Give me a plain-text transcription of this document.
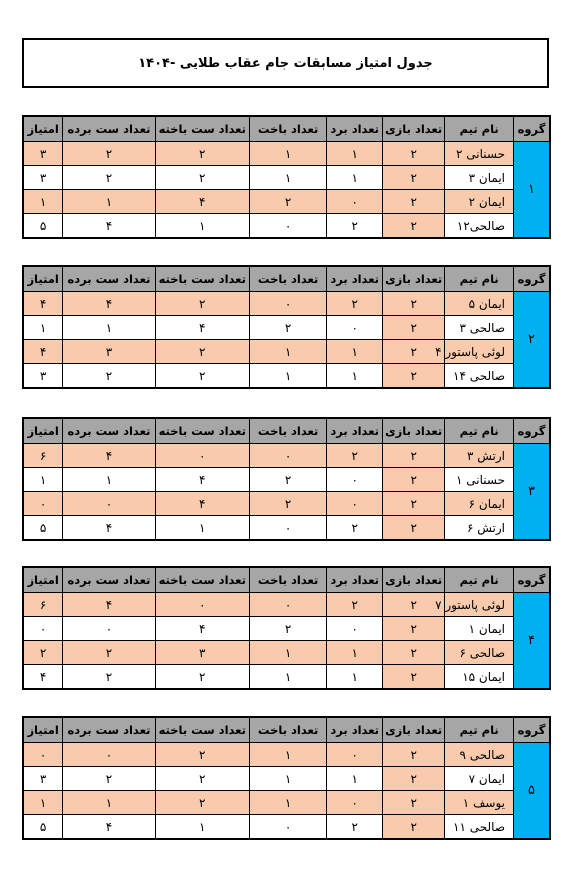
جدول امتیاز مسابقات جام عقاب طلایی -۱۴۰۴
گروه	نام تیم	تعداد بازی	تعداد برد	تعداد باخت	تعداد ست باخته	تعداد ست برده	امتیاز
۱	حسنانی ۲	۲	۱	۱	۲	۲	۳
	ایمان ۳	۲	۱	۱	۲	۲	۳
	ایمان ۲	۲	۰	۲	۴	۱	۱
	صالحی۱۲	۲	۲	۰	۱	۴	۵
گروه	نام تیم	تعداد بازی	تعداد برد	تعداد باخت	تعداد ست باخته	تعداد ست برده	امتیاز
۲	ایمان ۵	۲	۲	۰	۲	۴	۴
	صالحی ۳	۲	۰	۲	۴	۱	۱
	لوئی پاستور ۴	۲	۱	۱	۲	۳	۴
	صالحی ۱۴	۲	۱	۱	۲	۲	۳
گروه	نام تیم	تعداد بازی	تعداد برد	تعداد باخت	تعداد ست باخته	تعداد ست برده	امتیاز
۳	ارتش ۳	۲	۲	۰	۰	۴	۶
	حسنانی ۱	۲	۰	۲	۴	۱	۱
	ایمان ۶	۲	۰	۲	۴	۰	۰
	ارتش ۶	۲	۲	۰	۱	۴	۵
گروه	نام تیم	تعداد بازی	تعداد برد	تعداد باخت	تعداد ست باخته	تعداد ست برده	امتیاز
۴	لوئی پاستور ۷	۲	۲	۰	۰	۴	۶
	ایمان ۱	۲	۰	۲	۴	۰	۰
	صالحی ۶	۲	۱	۱	۳	۲	۲
	ایمان ۱۵	۲	۱	۱	۲	۲	۴
گروه	نام تیم	تعداد بازی	تعداد برد	تعداد باخت	تعداد ست باخته	تعداد ست برده	امتیاز
۵	صالحی ۹	۲	۰	۱	۲	۰	۰
	ایمان ۷	۲	۱	۱	۲	۲	۳
	یوسف ۱	۲	۰	۱	۲	۱	۱
	صالحی ۱۱	۲	۲	۰	۱	۴	۵
